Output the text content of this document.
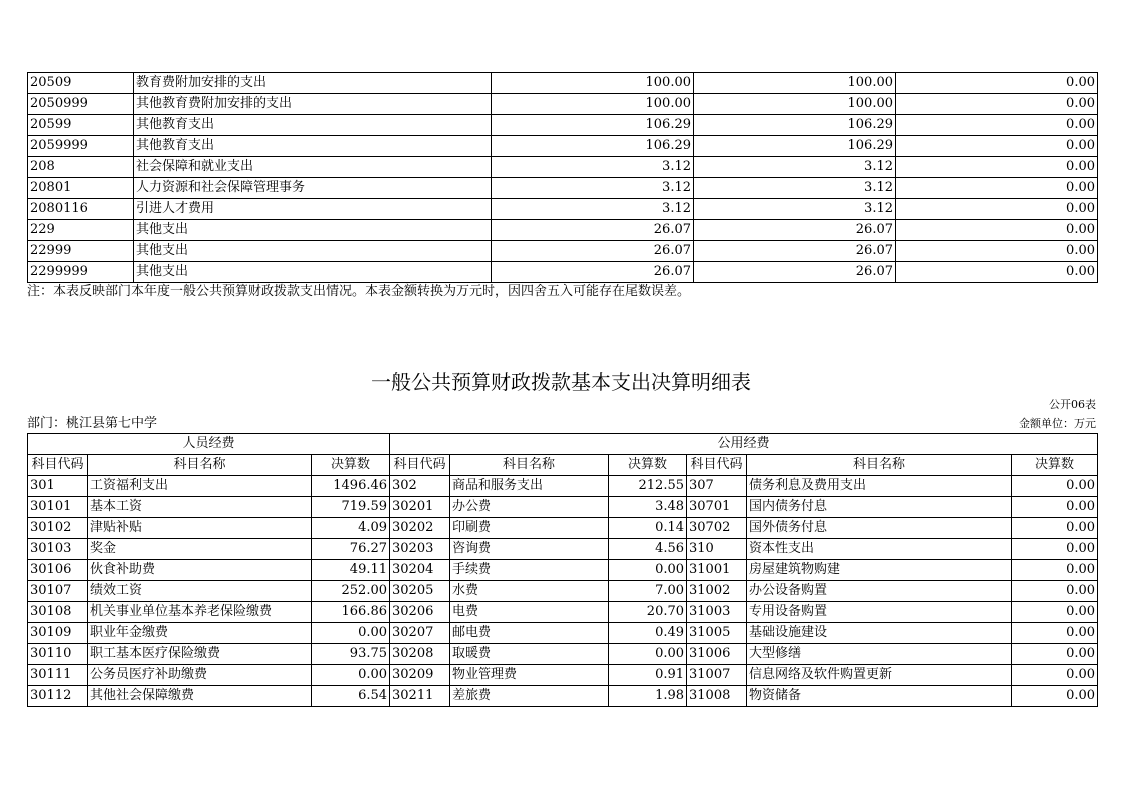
20509	教育费附加安排的支出	100.00	100.00	0.00
2050999	其他教育费附加安排的支出	100.00	100.00	0.00
20599	其他教育支出	106.29	106.29	0.00
2059999	其他教育支出	106.29	106.29	0.00
208	社会保障和就业支出	3.12	3.12	0.00
20801	人力资源和社会保障管理事务	3.12	3.12	0.00
2080116	引进人才费用	3.12	3.12	0.00
229	其他支出	26.07	26.07	0.00
22999	其他支出	26.07	26.07	0.00
2299999	其他支出	26.07	26.07	0.00
注：本表反映部门本年度一般公共预算财政拨款支出情况。本表金额转换为万元时，因四舍五入可能存在尾数误差。
一般公共预算财政拨款基本支出决算明细表
公开06表
部门：桃江县第七中学	金额单位：万元
人员经费			公用经费					
科目代码	科目名称	决算数	科目代码	科目名称	决算数	科目代码	科目名称	决算数
301	工资福利支出	1496.46	302	商品和服务支出	212.55	307	债务利息及费用支出	0.00
30101	基本工资	719.59	30201	办公费	3.48	30701	国内债务付息	0.00
30102	津贴补贴	4.09	30202	印刷费	0.14	30702	国外债务付息	0.00
30103	奖金	76.27	30203	咨询费	4.56	310	资本性支出	0.00
30106	伙食补助费	49.11	30204	手续费	0.00	31001	房屋建筑物购建	0.00
30107	绩效工资	252.00	30205	水费	7.00	31002	办公设备购置	0.00
30108	机关事业单位基本养老保险缴费	166.86	30206	电费	20.70	31003	专用设备购置	0.00
30109	职业年金缴费	0.00	30207	邮电费	0.49	31005	基础设施建设	0.00
30110	职工基本医疗保险缴费	93.75	30208	取暖费	0.00	31006	大型修缮	0.00
30111	公务员医疗补助缴费	0.00	30209	物业管理费	0.91	31007	信息网络及软件购置更新	0.00
30112	其他社会保障缴费	6.54	30211	差旅费	1.98	31008	物资储备	0.00
